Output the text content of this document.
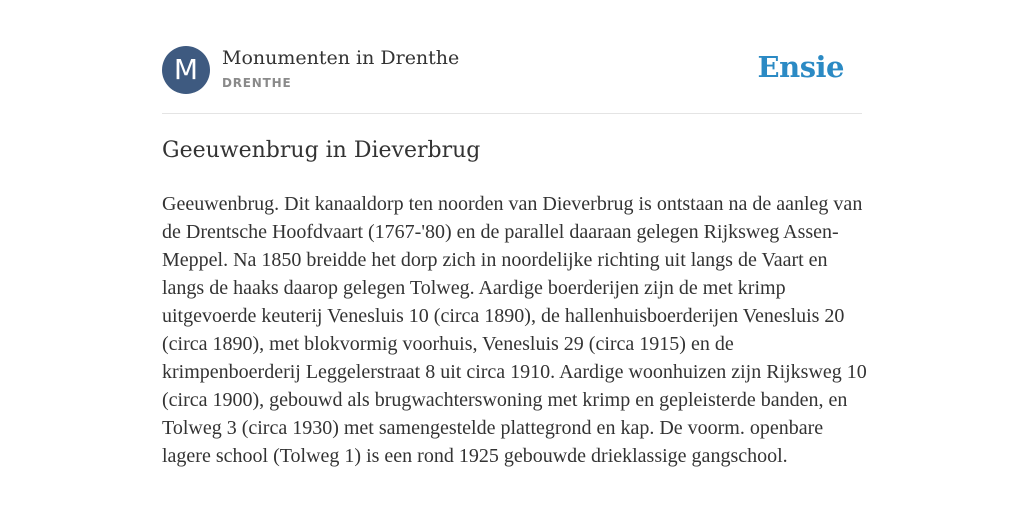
M	Monumenten in Drenthe
DRENTHE	Ensie
Geeuwenbrug in Dieverbrug

Geeuwenbrug. Dit kanaaldorp ten noorden van Dieverbrug is ontstaan na de aanleg van de Drentsche Hoofdvaart (1767-'80) en de parallel daaraan gelegen Rijksweg Assen-Meppel. Na 1850 breidde het dorp zich in noordelijke richting uit langs de Vaart en langs de haaks daarop gelegen Tolweg. Aardige boerderijen zijn de met krimp uitgevoerde keuterij Venesluis 10 (circa 1890), de hallenhuisboerderijen Venesluis 20 (circa 1890), met blokvormig voorhuis, Venesluis 29 (circa 1915) en de krimpenboerderij Leggelerstraat 8 uit circa 1910. Aardige woonhuizen zijn Rijksweg 10 (circa 1900), gebouwd als brugwachterswoning met krimp en gepleisterde banden, en Tolweg 3 (circa 1930) met samengestelde plattegrond en kap. De voorm. openbare lagere school (Tolweg 1) is een rond 1925 gebouwde drieklassige gangschool.
